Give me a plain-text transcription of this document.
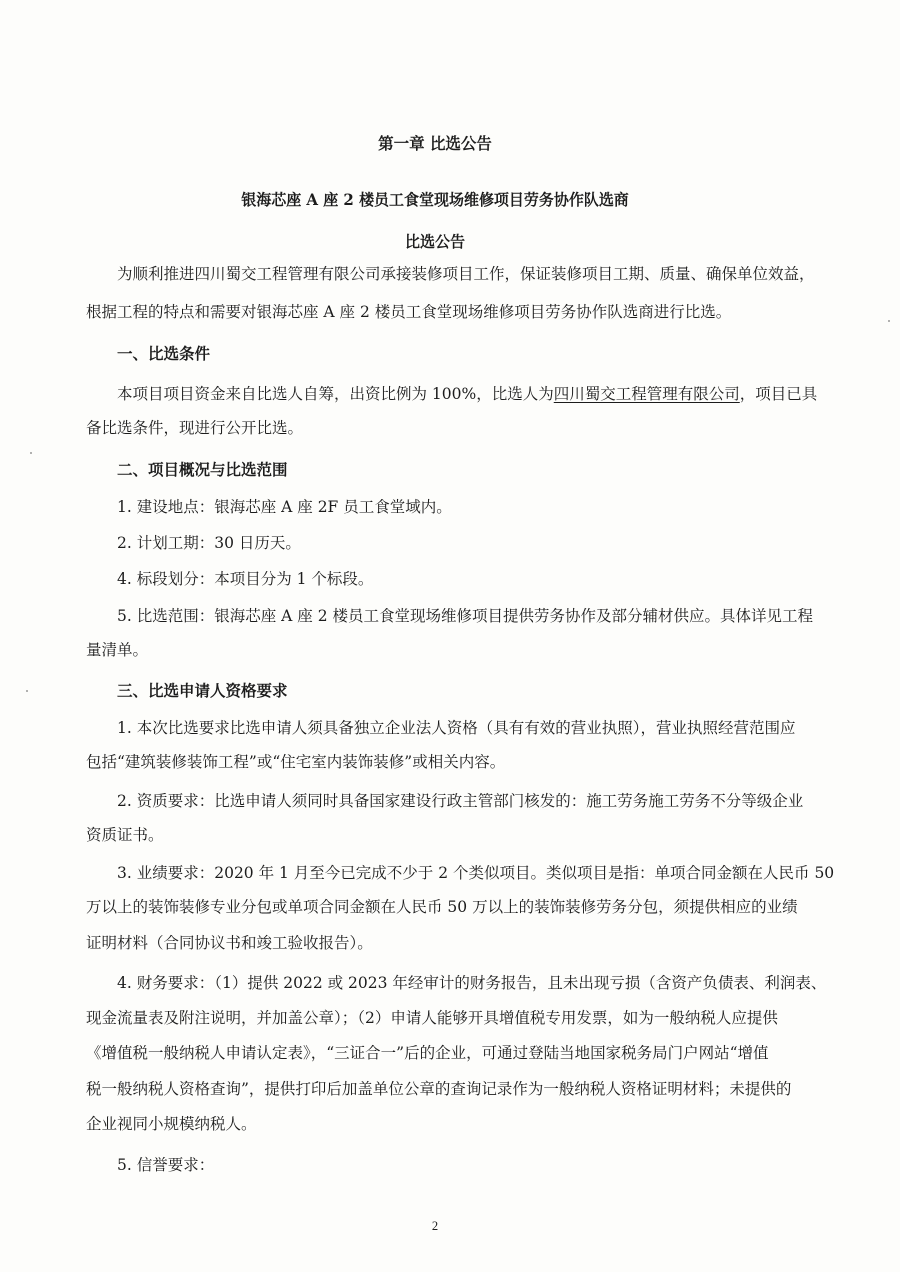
第一章 比选公告
银海芯座 A 座 2 楼员工食堂现场维修项目劳务协作队选商
比选公告
为顺利推进四川蜀交工程管理有限公司承接装修项目工作，保证装修项目工期、质量、确保单位效益，
根据工程的特点和需要对银海芯座 A 座 2 楼员工食堂现场维修项目劳务协作队选商进行比选。
一、比选条件
本项目项目资金来自比选人自筹，出资比例为 100%，比选人为四川蜀交工程管理有限公司，项目已具
备比选条件，现进行公开比选。
二、项目概况与比选范围
1. 建设地点：银海芯座 A 座 2F 员工食堂域内。
2. 计划工期：30 日历天。
4. 标段划分：本项目分为 1 个标段。
5. 比选范围：银海芯座 A 座 2 楼员工食堂现场维修项目提供劳务协作及部分辅材供应。具体详见工程
量清单。
三、比选申请人资格要求
1. 本次比选要求比选申请人须具备独立企业法人资格（具有有效的营业执照），营业执照经营范围应
包括“建筑装修装饰工程”或“住宅室内装饰装修”或相关内容。
2. 资质要求：比选申请人须同时具备国家建设行政主管部门核发的：施工劳务施工劳务不分等级企业
资质证书。
3. 业绩要求：2020 年 1 月至今已完成不少于 2 个类似项目。类似项目是指：单项合同金额在人民币 50
万以上的装饰装修专业分包或单项合同金额在人民币 50 万以上的装饰装修劳务分包，须提供相应的业绩
证明材料（合同协议书和竣工验收报告）。
4. 财务要求：（1）提供 2022 或 2023 年经审计的财务报告，且未出现亏损（含资产负债表、利润表、
现金流量表及附注说明，并加盖公章）；（2）申请人能够开具增值税专用发票，如为一般纳税人应提供
《增值税一般纳税人申请认定表》，“三证合一”后的企业，可通过登陆当地国家税务局门户网站“增值
税一般纳税人资格查询”，提供打印后加盖单位公章的查询记录作为一般纳税人资格证明材料；未提供的
企业视同小规模纳税人。
5. 信誉要求：
2
